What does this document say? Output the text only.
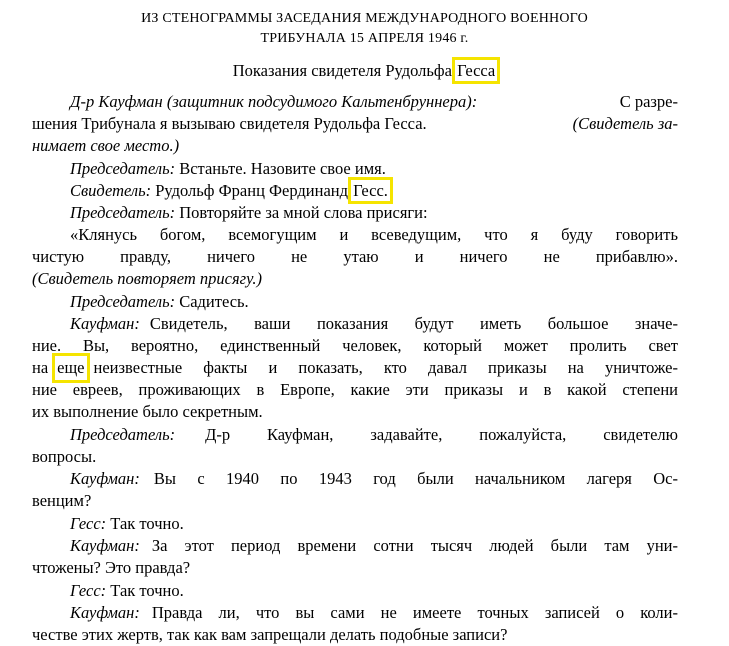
ИЗ СТЕНОГРАММЫ ЗАСЕДАНИЯ МЕЖДУНАРОДНОГО ВОЕННОГО
ТРИБУНАЛА 15 АПРЕЛЯ 1946 г.
Показания свидетеля Рудольфа Гесса
Д-р Кауфман (защитник подсудимого Кальтенбруннера):	С разре-
шения Трибунала я вызываю свидетеля Рудольфа Гесса.	(Свидетель за-
нимает свое место.)
Председатель: Встаньте. Назовите свое имя.
Свидетель: Рудольф Франц Фердинанд Гесс.
Председатель: Повторяйте за мной слова присяги:
«Клянусь богом, всемогущим и всеведущим, что я буду говорить
чистую правду, ничего не утаю и ничего не прибавлю».
(Свидетель повторяет присягу.)
Председатель: Садитесь.
Кауфман: Свидетель, ваши показания будут иметь большое значе-
ние. Вы, вероятно, единственный человек, который может пролить свет
на еще неизвестные факты и показать, кто давал приказы на уничтоже-
ние евреев, проживающих в Европе, какие эти приказы и в какой степени
их выполнение было секретным.
Председатель: Д-р Кауфман, задавайте, пожалуйста, свидетелю
вопросы.
Кауфман: Вы с 1940 по 1943 год были начальником лагеря Ос-
венцим?
Гесс: Так точно.
Кауфман: За этот период времени сотни тысяч людей были там уни-
чтожены? Это правда?
Гесс: Так точно.
Кауфман: Правда ли, что вы сами не имеете точных записей о коли-
честве этих жертв, так как вам запрещали делать подобные записи?
